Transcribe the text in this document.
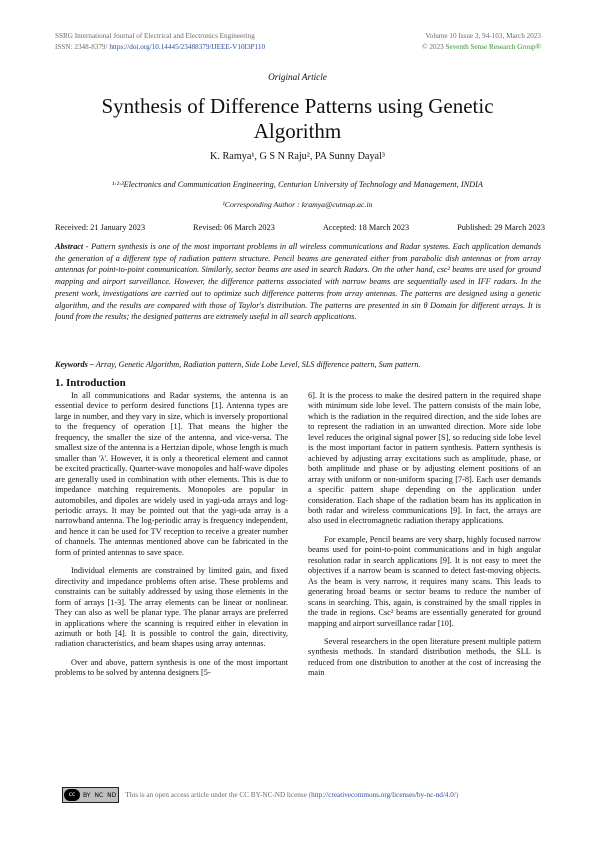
SSRG International Journal of Electrical and Electronics Engineering
ISSN: 2348-8379/ https://doi.org/10.14445/23488379/IJEEE-V10I3P110
Volume 10 Issue 3, 94-103, March 2023
© 2023 Seventh Sense Research Group®
Original Article
Synthesis of Difference Patterns using Genetic Algorithm
K. Ramya¹, G S N Raju², PA Sunny Dayal³
¹·²·³Electronics and Communication Engineering, Centurion University of Technology and Management, INDIA
¹Corresponding Author : kramya@cutmap.ac.in
Received: 21 January 2023	Revised: 06 March 2023	Accepted: 18 March 2023	Published: 29 March 2023

Abstract - Pattern synthesis is one of the most important problems in all wireless communications and Radar systems. Each application demands the generation of a different type of radiation pattern structure. Pencil beams are generated either from parabolic dish antennas or from array antennas for point-to-point communication. Similarly, sector beams are used in search Radars. On the other hand, csc² beams are used for ground mapping and airport surveillance. However, the difference patterns associated with narrow beams are sequentially used in IFF radars. In the present work, investigations are carried out to optimize such difference patterns from array antennas. The patterns are designed using a genetic algorithm, and the results are compared with those of Taylor's distribution. The patterns are presented in sin θ Domain for different arrays. It is found from the results; the designed patterns are extremely useful in all search applications.

Keywords – Array, Genetic Algorithm, Radiation pattern, Side Lobe Level, SLS difference pattern, Sum pattern.

1. Introduction

In all communications and Radar systems, the antenna is an essential device to perform desired functions [1]. Antenna types are large in number, and they vary in size, which is inversely proportional to the frequency of operation [1]. That means the higher the frequency, the smaller the size of the antenna, and vice-versa. The smallest size of the antenna is a Hertzian dipole, whose length is much smaller than 'λ'. However, it is only a theoretical element and cannot be excited practically. Quarter-wave monopoles and half-wave dipoles are generally used in combination with other elements. This is due to impedance matching requirements. Monopoles are popular in automobiles, and dipoles are widely used in yagi-uda arrays and log-periodic arrays. It may be pointed out that the yagi-uda array is a narrowband antenna. The log-periodic array is frequency independent, and hence it can be used for TV reception to receive a greater number of channels. The antennas mentioned above can be fabricated in the form of printed antennas to save space.

Individual elements are constrained by limited gain, and fixed directivity and impedance problems often arise. These problems and constraints can be suitably addressed by using those elements in the form of arrays [1-3]. The array elements can be linear or nonlinear. They can also as well be planar type. The planar arrays are preferred in applications where the scanning is required either in elevation in azimuth or both [4]. It is possible to control the gain, directivity, radiation characteristics, and beam shapes using array antennas.

Over and above, pattern synthesis is one of the most important problems to be solved by antenna designers [5-

6]. It is the process to make the desired pattern in the required shape with minimum side lobe level. The pattern consists of the main lobe, which is the radiation in the required direction, and the side lobes are to represent the radiation in an unwanted direction. More side lobe level reduces the original signal power [S], so reducing side lobe level is the most important factor in pattern synthesis. Pattern synthesis is achieved by adjusting array excitations such as amplitude, phase, or both amplitude and phase or by adjusting element positions of an array with uniform or non-uniform spacing [7-8]. Each user demands a specific pattern shape depending on the application under consideration. Each shape of the radiation beam has its application in both radar and wireless communications [9]. In fact, the arrays are also used in electromagnetic radiation therapy applications.

For example, Pencil beams are very sharp, highly focused narrow beams used for point-to-point communications and in high angular resolution radar in search applications [9]. It is not easy to meet the objectives if a narrow beam is scanned to detect fast-moving objects. As the beam is very narrow, it requires many scans. This leads to generating broad beams or sector beams to reduce the number of scans in searching. This, again, is constrained by the small ripples in the trade in regions. Csc² beams are essentially generated for ground mapping and airport surveillance radar [10].

Several researchers in the open literature present multiple pattern synthesis methods. In standard distribution methods, the SLL is reduced from one distribution to another at the cost of increasing the main

cc	BY NC ND This is an open access article under the CC BY-NC-ND license ( http://creativecommons.org/licenses/by-nc-nd/4.0/ )
